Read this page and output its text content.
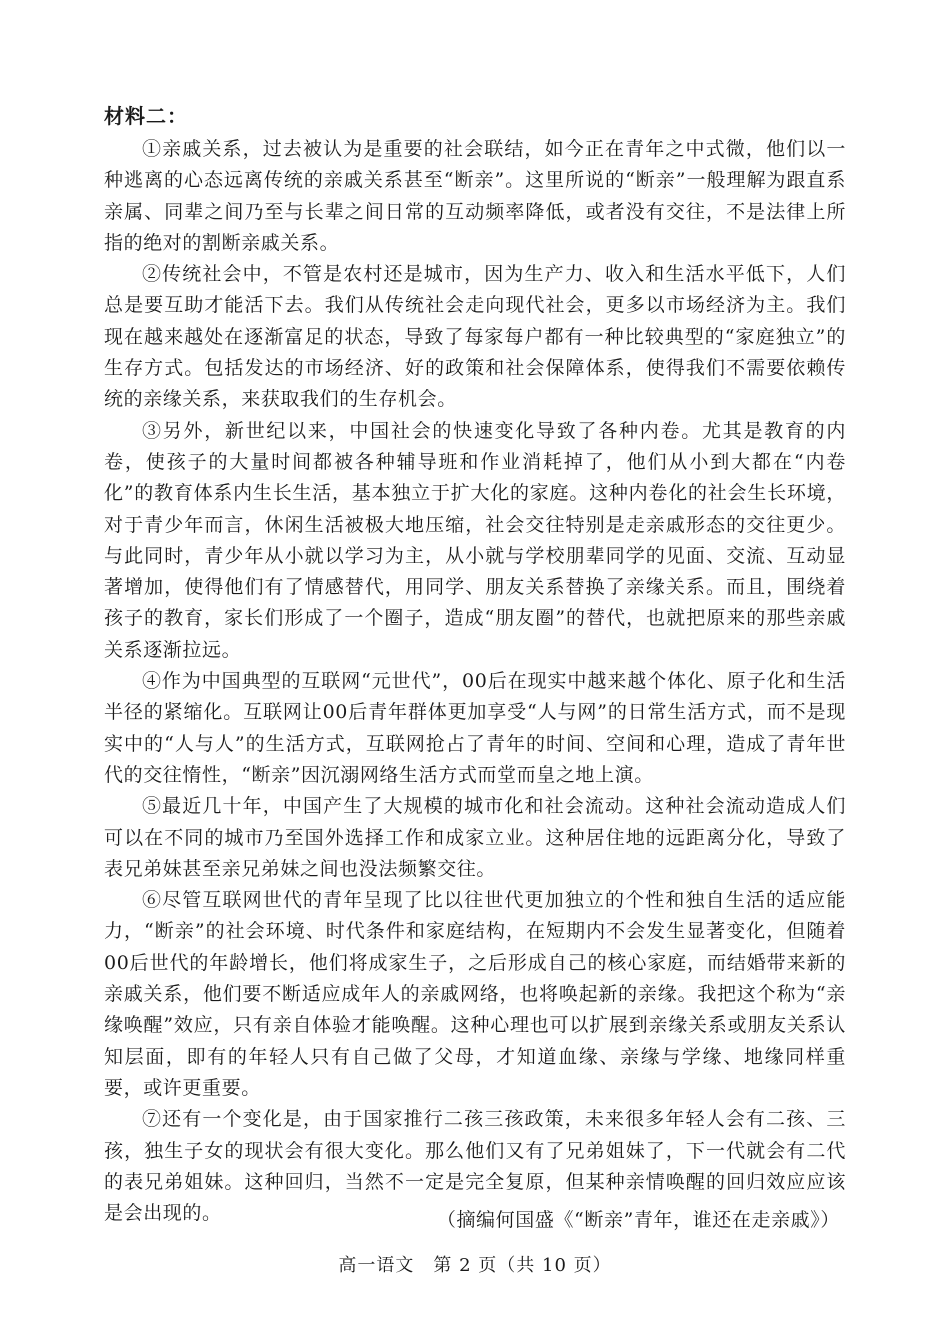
材料二：

①亲戚关系，过去被认为是重要的社会联结，如今正在青年之中式微，他们以一种逃离的心态远离传统的亲戚关系甚至“断亲”。这里所说的“断亲”一般理解为跟直系亲属、同辈之间乃至与长辈之间日常的互动频率降低，或者没有交往，不是法律上所指的绝对的割断亲戚关系。

②传统社会中，不管是农村还是城市，因为生产力、收入和生活水平低下，人们总是要互助才能活下去。我们从传统社会走向现代社会，更多以市场经济为主。我们现在越来越处在逐渐富足的状态，导致了每家每户都有一种比较典型的“家庭独立”的生存方式。包括发达的市场经济、好的政策和社会保障体系，使得我们不需要依赖传统的亲缘关系，来获取我们的生存机会。

③另外，新世纪以来，中国社会的快速变化导致了各种内卷。尤其是教育的内卷，使孩子的大量时间都被各种辅导班和作业消耗掉了，他们从小到大都在“内卷化”的教育体系内生长生活，基本独立于扩大化的家庭。这种内卷化的社会生长环境，对于青少年而言，休闲生活被极大地压缩，社会交往特别是走亲戚形态的交往更少。与此同时，青少年从小就以学习为主，从小就与学校朋辈同学的见面、交流、互动显著增加，使得他们有了情感替代，用同学、朋友关系替换了亲缘关系。而且，围绕着孩子的教育，家长们形成了一个圈子，造成“朋友圈”的替代，也就把原来的那些亲戚关系逐渐拉远。

④作为中国典型的互联网“元世代”，00后在现实中越来越个体化、原子化和生活半径的紧缩化。互联网让00后青年群体更加享受“人与网”的日常生活方式，而不是现实中的“人与人”的生活方式，互联网抢占了青年的时间、空间和心理，造成了青年世代的交往惰性，“断亲”因沉溺网络生活方式而堂而皇之地上演。

⑤最近几十年，中国产生了大规模的城市化和社会流动。这种社会流动造成人们可以在不同的城市乃至国外选择工作和成家立业。这种居住地的远距离分化，导致了表兄弟妹甚至亲兄弟妹之间也没法频繁交往。

⑥尽管互联网世代的青年呈现了比以往世代更加独立的个性和独自生活的适应能力，“断亲”的社会环境、时代条件和家庭结构，在短期内不会发生显著变化，但随着00后世代的年龄增长，他们将成家生子，之后形成自己的核心家庭，而结婚带来新的亲戚关系，他们要不断适应成年人的亲戚网络，也将唤起新的亲缘。我把这个称为“亲缘唤醒”效应，只有亲自体验才能唤醒。这种心理也可以扩展到亲缘关系或朋友关系认知层面，即有的年轻人只有自己做了父母，才知道血缘、亲缘与学缘、地缘同样重要，或许更重要。

⑦还有一个变化是，由于国家推行二孩三孩政策，未来很多年轻人会有二孩、三孩，独生子女的现状会有很大变化。那么他们又有了兄弟姐妹了，下一代就会有二代的表兄弟姐妹。这种回归，当然不一定是完全复原，但某种亲情唤醒的回归效应应该是会出现的。	（摘编何国盛《“断亲”青年，谁还在走亲戚》）
高一语文　第 2 页（共 10 页）
